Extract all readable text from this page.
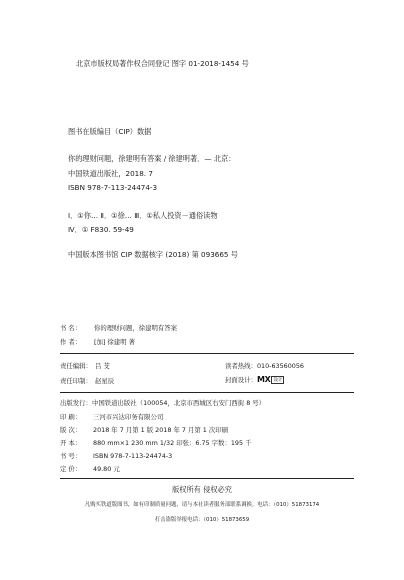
北京市版权局著作权合同登记 图字 01-2018-1454 号
图书在版编目（CIP）数据
你的理财问题，徐建明有答案 / 徐建明著．— 北京：
中国铁道出版社，2018. 7
ISBN 978-7-113-24474-3
Ⅰ．①你… Ⅱ．①徐… Ⅲ．①私人投资－通俗读物
Ⅳ．① F830. 59-49
中国版本图书馆 CIP 数据核字 (2018) 第 093665 号
书 名： 你的理财问题，徐建明有答案
作 者： [加] 徐建明 著
责任编辑： 吕 芠	读者热线：010-63560056
责任印制： 赵星辰	封面设计：MX 设计
出版发行：中国铁道出版社（100054，北京市西城区右安门西街 8 号）
印 刷： 三河市兴达印务有限公司
版 次： 2018 年 7 月第 1 版 2018 年 7 月第 1 次印刷
开 本： 880 mm×1 230 mm 1/32 印张：6.75 字数：195 千
书 号： ISBN 978-7-113-24474-3
定 价： 49.80 元
版权所有 侵权必究
凡购买铁道版图书，如有印制质量问题，请与本社读者服务部联系调换。电话：（010）51873174
打击盗版举报电话：（010）51873659
